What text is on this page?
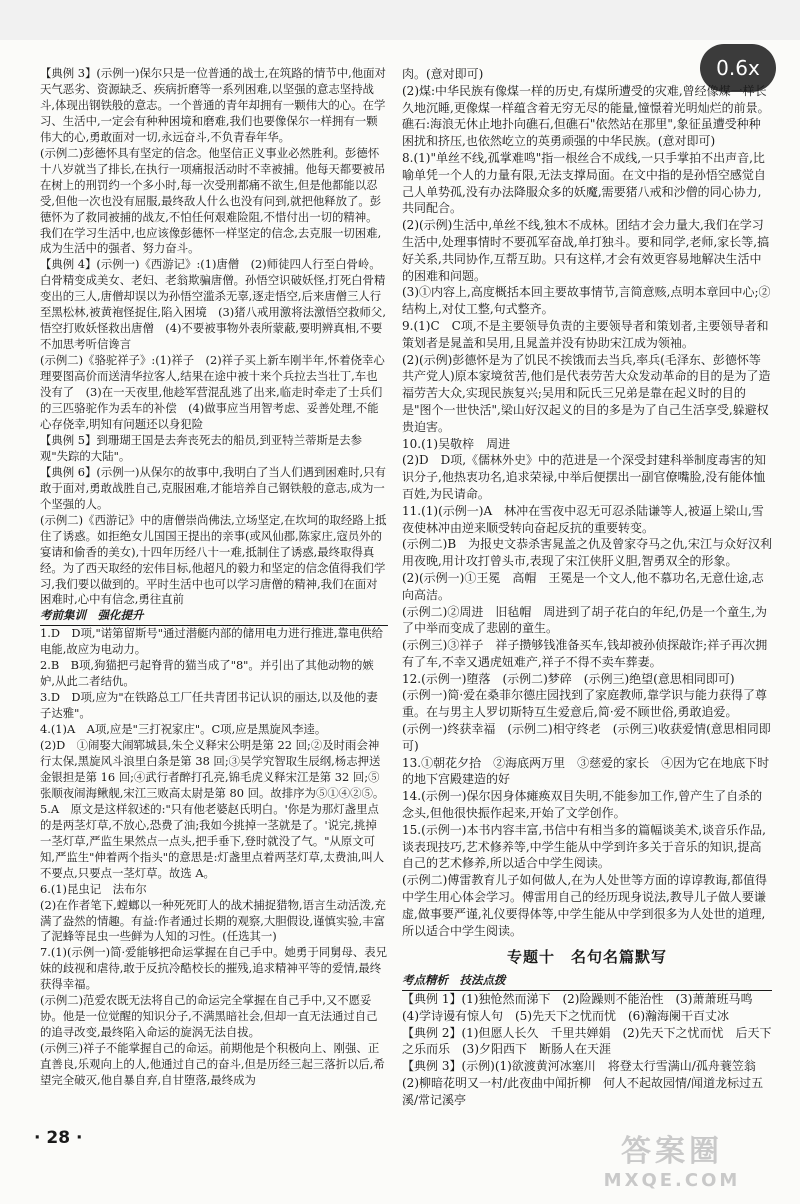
0.6x

【典例 3】(示例一)保尔只是一位普通的战士,在筑路的情节中,他面对天气恶劣、资源缺乏、疾病折磨等一系列困难,以坚强的意志坚持战斗,体现出钢铁般的意志。一个普通的青年却拥有一颗伟大的心。在学习、生活中,一定会有种种困境和磨难,我们也要像保尔一样拥有一颗伟大的心,勇敢面对一切,永远奋斗,不负青春年华。

(示例二)彭德怀具有坚定的信念。他坚信正义事业必然胜利。彭德怀十八岁就当了排长,在执行一项痛报活动时不幸被捕。他每天都要被吊在树上的刑罚约一个多小时,每一次受刑都痛不欲生,但是他都能以忍受,但他一次也没有屈服,最终敌人什么也没有问到,就把他释放了。彭德怀为了救同被捕的战友,不怕任何艰难险阻,不惜付出一切的精神。我们在学习生活中,也应该像彭德怀一样坚定的信念,去克服一切困难,成为生活中的强者、努力奋斗。

【典例 4】(示例一)《西游记》:(1)唐僧　(2)师徒四人行至白骨岭。白骨精变成美女、老妇、老翁欺骗唐僧。孙悟空识破妖怪,打死白骨精变出的三人,唐僧却误以为孙悟空滥杀无辜,逐走悟空,后来唐僧三人行至黑松林,被黄袍怪捉住,陷入困境　(3)猪八戒用激将法激悟空救师父,悟空打败妖怪救出唐僧　(4)不要被事物外表所蒙蔽,要明辨真相,不要不加思考听信谗言

(示例二)《骆驼祥子》:(1)祥子　(2)祥子买上新车刚半年,怀着侥幸心理要图高价而送清华拉客人,结果在途中被十来个兵拉去当壮丁,车也没有了　(3)在一天夜里,他趁军营混乱逃了出来,临走时牵走了士兵们的三匹骆驼作为丢车的补偿　(4)做事应当用智考虑、妥善处理,不能心存侥幸,明知有问题还以身犯险

【典例 5】到珊瑚王国是去奔丧死去的船员,到亚特兰蒂斯是去参观"失踪的大陆"。

【典例 6】(示例一)从保尔的故事中,我明白了当人们遇到困难时,只有敢于面对,勇敢战胜自己,克服困难,才能培养自己钢铁般的意志,成为一个坚强的人。

(示例二)《西游记》中的唐僧崇尚佛法,立场坚定,在坎坷的取经路上抵住了诱惑。如拒绝女儿国国王提出的亲事(或风仙郡,陈家庄,寇员外的宴请和偷香的美女),十四年历经八十一难,抵制住了诱惑,最终取得真经。为了西天取经的宏伟目标,他超凡的毅力和坚定的信念值得我们学习,我们要以做到的。平时生活中也可以学习唐僧的精神,我们在面对困难时,心中有信念,勇往直前

考前集训　强化提升

1.D　D项,"诺第留斯号"通过潜艇内部的储用电力进行推进,靠电供给电能,故应为电动力。

2.B　B项,狗猫把弓起脊背的猫当成了"8"。并引出了其他动物的嫉妒,从此二者结仇。

3.D　D项,应为"在铁路总工厂任共青团书记认识的丽达,以及他的妻子达雅"。

4.(1)A　A项,应是"三打祝家庄"。C项,应是黑旋风李逵。

(2)D　①闹娶大闹郓城县,朱仝义释宋公明是第 22 回;②及时雨会神行太保,黑旋风斗浪里白条是第 38 回;③吴学究智取生辰纲,杨志押送金银担是第 16 回;④武行者醉打孔亮,锦毛虎义释宋江是第 32 回;⑤张顺夜闹海鳅舰,宋江三败高太尉是第 80 回。故排序为⑤①④②⑤。

5.A　原文是这样叙述的:"只有他老婆赵氏明白。'你是为那灯盏里点的是两茎灯草,不放心,恐费了油;我如今挑掉一茎就是了。'说完,挑掉一茎灯草,严监生果然点一点头,把手垂下,登时就没了气。"从原文可知,严监生"伸着两个指头"的意思是:灯盏里点着两茎灯草,太费油,叫人不要点,只要点一茎灯草。故选 A。

6.(1)昆虫记　法布尔

(2)在作者笔下,螳螂以一种死死盯人的战术捕捉猎物,语言生动活泼,充满了盎然的情趣。有益:作者通过长期的观察,大胆假设,谨慎实验,丰富了泥蜂等昆虫一些鲜为人知的习性。(任选其一)

7.(1)(示例一)简·爱能够把命运掌握在自己手中。她勇于同舅母、表兄妹的歧视和虐待,敢于反抗冷酷校长的摧残,追求精神平等的爱情,最终获得幸福。

(示例二)范爱农既无法将自己的命运完全掌握在自己手中,又不愿妥协。他是一位觉醒的知识分子,不满黑暗社会,但却一直无法通过自己的追寻改变,最终陷入命运的旋涡无法自拔。

(示例三)祥子不能掌握自己的命运。前期他是个积极向上、刚强、正直善良,乐观向上的人,他通过自己的奋斗,但是历经三起三落折以后,希望完全破灭,他自暴自弃,自甘堕落,最终成为

肉。(意对即可)

(2)煤:中华民族有像煤一样的历史,有煤所遭受的灾难,曾经像煤一样长久地沉睡,更像煤一样蕴含着无穷无尽的能量,憧憬着光明灿烂的前景。礁石:海浪无休止地扑向礁石,但礁石"依然站在那里",象征虽遭受种种困扰和挤压,也依然屹立的英勇顽强的中华民族。(意对即可)

8.(1)"单丝不线,孤掌难鸣"指一根丝合不成线,一只手掌拍不出声音,比喻单凭一个人的力量有限,无法支撑局面。在文中指的是孙悟空感觉自己人单势孤,没有办法降服众多的妖魔,需要猪八戒和沙僧的同心协力,共同配合。

(2)(示例)生活中,单丝不线,独木不成林。团结才会力量大,我们在学习生活中,处理事情时不要孤军奋战,单打独斗。要和同学,老师,家长等,搞好关系,共同协作,互帮互助。只有这样,才会有效更容易地解决生活中的困难和问题。

(3)①内容上,高度概括本回主要故事情节,言简意赅,点明本章回中心;②结构上,对仗工整,句式整齐。

9.(1)C　C项,不是主要领导负责的主要领导者和策划者,主要领导者和策划者是晁盖和吴用,且晁盖并没有协助宋江成为领袖。

(2)(示例)彭德怀是为了饥民不挨饿而去当兵,率兵(毛泽东、彭德怀等共产党人)原本家境贫苦,他们是代表劳苦大众发动革命的目的是为了造福劳苦大众,实现民族复兴;吴用和阮氏三兄弟是靠在起义时的目的是"图个一世快活",梁山好汉起义的目的多是为了自己生活享受,躲避权贵迫害。

10.(1)吴敬梓　周进

(2)D　D项,《儒林外史》中的范进是一个深受封建科举制度毒害的知识分子,他热衷功名,追求荣禄,中举后便摆出一副官僚嘴脸,没有能体恤百姓,为民请命。

11.(1)(示例一)A　林冲在雪夜中忍无可忍杀陆谦等人,被逼上梁山,雪夜使林冲由逆来顺受转向奋起反抗的重要转变。

(示例二)B　为报史文恭杀害晁盖之仇及曾家夺马之仇,宋江与众好汉利用夜晚,用计攻打曾头市,表现了宋江侠肝义胆,智勇双全的形象。

(2)(示例一)①王冕　高帽　王冕是一个文人,他不慕功名,无意仕途,志向高洁。

(示例二)②周进　旧毡帽　周进到了胡子花白的年纪,仍是一个童生,为了中举而变成了悲剧的童生。

(示例三)③祥子　祥子攒够钱准备买车,钱却被孙侦探敲诈;祥子再次拥有了车,不幸又遇虎妞难产,祥子不得不卖车葬妻。

12.(示例一)堕落　(示例二)梦碎　(示例三)绝望(意思相同即可)

(示例一)简·爱在桑菲尔德庄园找到了家庭教师,靠学识与能力获得了尊重。在与男主人罗切斯特互生爱意后,简·爱不顾世俗,勇敢追爱。

(示例一)终获幸福　(示例二)相守终老　(示例三)收获爱情(意思相同即可)

13.①朝花夕拾　②海底两万里　③慈爱的家长　④因为它在地底下时的地下宫殿建造的好

14.(示例一)保尔因身体瘫痪双目失明,不能参加工作,曾产生了自杀的念头,但他很快振作起来,开始了文学创作。

15.(示例一)本书内容丰富,书信中有相当多的篇幅谈美术,谈音乐作品,谈表现技巧,艺术修养等,中学生能从中学到许多关于音乐的知识,提高自己的艺术修养,所以适合中学生阅读。

(示例二)傅雷教育儿子如何做人,在为人处世等方面的谆谆教诲,都值得中学生用心体会学习。傅雷用自己的经历现身说法,教导儿子做人要谦虚,做事要严谨,礼仪要得体等,中学生能从中学到很多为人处世的道理,所以适合中学生阅读。

专题十　名句名篇默写

考点精析　技法点拨

【典例 1】(1)独怆然而涕下　(2)险躁则不能治性　(3)萧萧班马鸣　(4)学诗谩有惊人句　(5)先天下之忧而忧　(6)瀚海阑干百丈冰

【典例 2】(1)但愿人长久　千里共婵娟　(2)先天下之忧而忧　后天下之乐而乐　(3)夕阳西下　断肠人在天涯

【典例 3】(示例)(1)欲渡黄河冰塞川　将登太行雪满山/孤舟蓑笠翁　(2)柳暗花明又一村/此夜曲中闻折柳　何人不起故园情/闻道龙标过五溪/常记溪亭

· 28 ·	答案圈
MXQE.COM
